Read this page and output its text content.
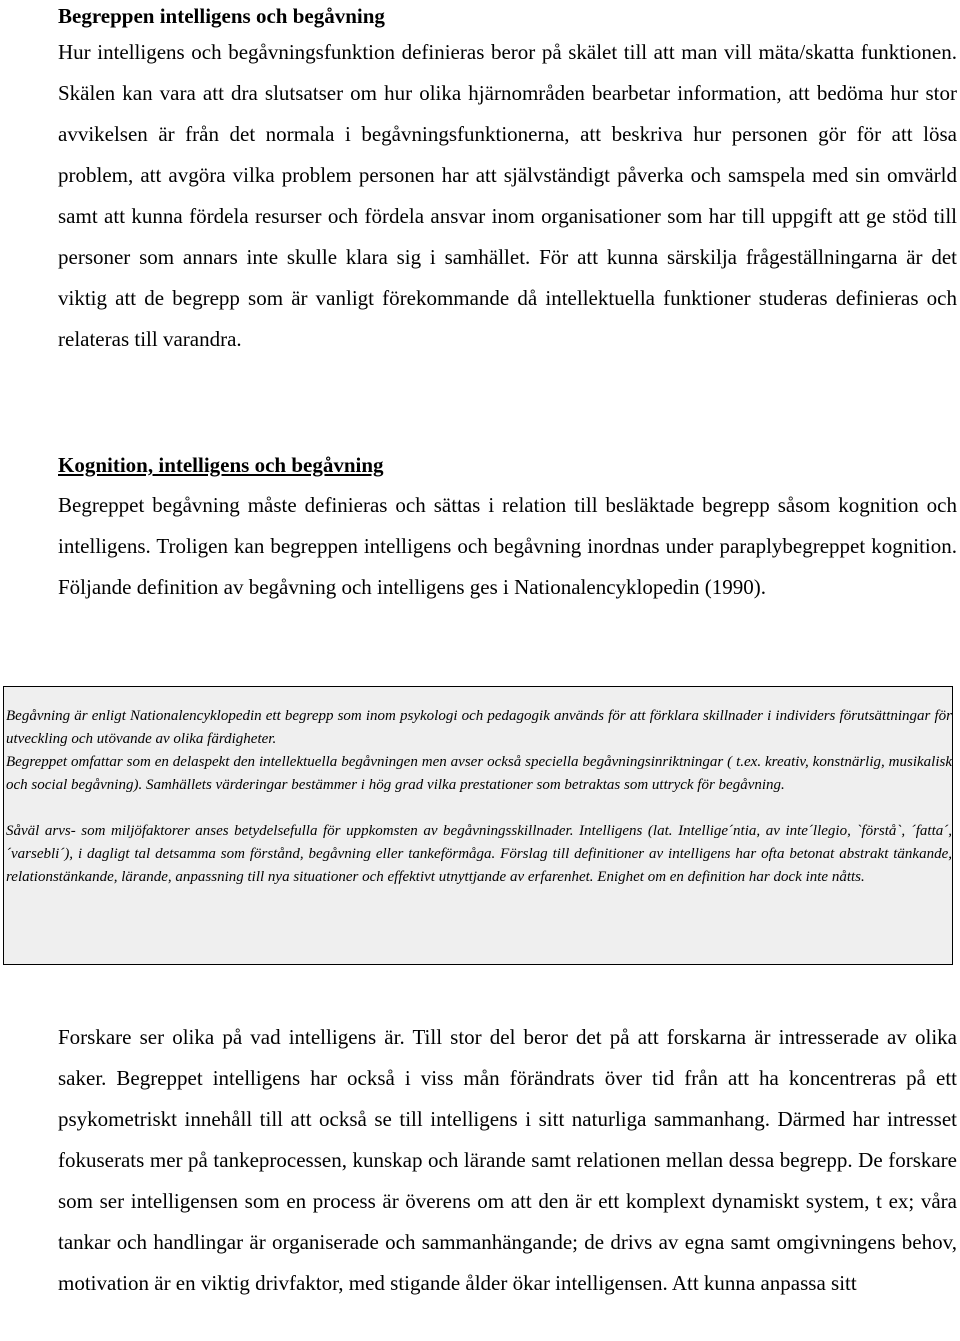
Begreppen intelligens och begåvning

Hur intelligens och begåvningsfunktion definieras beror på skälet till att man vill mäta/skatta funktionen. Skälen kan vara att dra slutsatser om hur olika hjärnområden bearbetar information, att bedöma hur stor avvikelsen är från det normala i begåvningsfunktionerna, att beskriva hur personen gör för att lösa problem, att avgöra vilka problem personen har att självständigt påverka och samspela med sin omvärld samt att kunna fördela resurser och fördela ansvar inom organisationer som har till uppgift att ge stöd till personer som annars inte skulle klara sig i samhället. För att kunna särskilja frågeställningarna är det viktig att de begrepp som är vanligt förekommande då intellektuella funktioner studeras definieras och relateras till varandra.

Kognition, intelligens och begåvning

Begreppet begåvning måste definieras och sättas i relation till besläktade begrepp såsom kognition och intelligens. Troligen kan begreppen intelligens och begåvning inordnas under paraplybegreppet kognition. Följande definition av begåvning och intelligens ges i Nationalencyklopedin (1990).

Begåvning är enligt Nationalencyklopedin ett begrepp som inom psykologi och pedagogik används för att förklara skillnader i individers förutsättningar för utveckling och utövande av olika färdigheter.

Begreppet omfattar som en delaspekt den intellektuella begåvningen men avser också speciella begåvningsinriktningar ( t.ex. kreativ, konstnärlig, musikalisk och social begåvning). Samhällets värderingar bestämmer i hög grad vilka prestationer som betraktas som uttryck för begåvning.

Såväl arvs- som miljöfaktorer anses betydelsefulla för uppkomsten av begåvningsskillnader. Intelligens (lat. Intellige´ntia, av inte´llegio, `förstå`, ´fatta´, ´varsebli´), i dagligt tal detsamma som förstånd, begåvning eller tankeförmåga. Förslag till definitioner av intelligens har ofta betonat abstrakt tänkande, relationstänkande, lärande, anpassning till nya situationer och effektivt utnyttjande av erfarenhet. Enighet om en definition har dock inte nåtts.

Forskare ser olika på vad intelligens är. Till stor del beror det på att forskarna är intresserade av olika saker. Begreppet intelligens har också i viss mån förändrats över tid från att ha koncentreras på ett psykometriskt innehåll till att också se till intelligens i sitt naturliga sammanhang. Därmed har intresset fokuserats mer på tankeprocessen, kunskap och lärande samt relationen mellan dessa begrepp. De forskare som ser intelligensen som en process är överens om att den är ett komplext dynamiskt system, t ex; våra tankar och handlingar är organiserade och sammanhängande; de drivs av egna samt omgivningens behov, motivation är en viktig drivfaktor, med stigande ålder ökar intelligensen. Att kunna anpassa sitt
